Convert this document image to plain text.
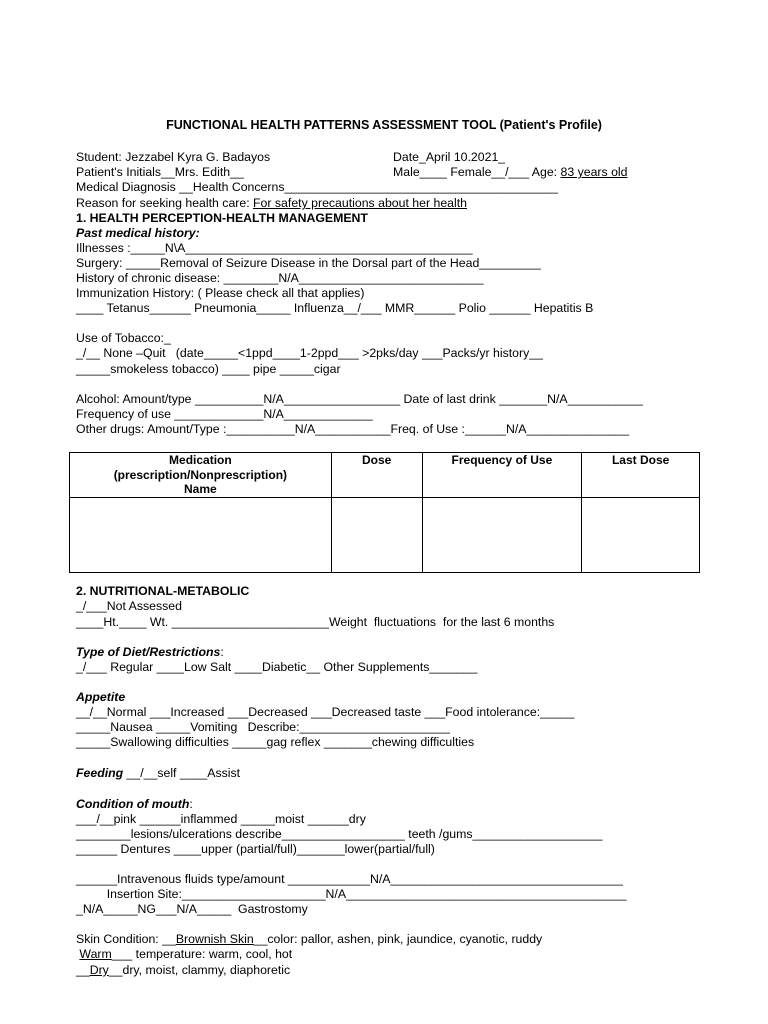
FUNCTIONAL HEALTH PATTERNS ASSESSMENT TOOL (Patient's Profile)
Student: Jezzabel Kyra G. Badayos	Date_April 10.2021_
Patient's Initials__Mrs. Edith__	Male____ Female__/___ Age: 83 years old
Medical Diagnosis __Health Concerns________________________________________
Reason for seeking health care: For safety precautions about her health
1. HEALTH PERCEPTION-HEALTH MANAGEMENT
Past medical history:
Illnesses :_____N\A__________________________________________
Surgery: _____Removal of Seizure Disease in the Dorsal part of the Head_________
History of chronic disease: ________N/A___________________________
Immunization History: ( Please check all that applies)
____ Tetanus______ Pneumonia_____ Influenza__/___ MMR______ Polio ______ Hepatitis B
Use of Tobacco:_
_/__ None –Quit   (date_____<1ppd____1-2ppd___ >2pks/day ___Packs/yr history__
_____smokeless tobacco) ____ pipe _____cigar
Alcohol: Amount/type __________N/A_________________ Date of last drink _______N/A___________
Frequency of use _____________N/A_____________
Other drugs: Amount/Type :__________N/A___________Freq. of Use :______N/A_______________
Medication
(prescription/Nonprescription)
Name	Dose	Frequency of Use	Last Dose

2. NUTRITIONAL-METABOLIC
_/___Not Assessed
____Ht.____ Wt. _______________________Weight  fluctuations  for the last 6 months
Type of Diet/Restrictions:
_/___ Regular ____Low Salt ____Diabetic__ Other Supplements_______
Appetite
__/__Normal ___Increased ___Decreased ___Decreased taste ___Food intolerance:_____
_____Nausea _____Vomiting   Describe:______________________
_____Swallowing difficulties _____gag reflex _______chewing difficulties
Feeding __/__self ____Assist
Condition of mouth:
___/__pink ______inflammed _____moist ______dry
________lesions/ulcerations describe__________________ teeth /gums___________________
______ Dentures ____upper (partial/full)_______lower(partial/full)
______Intravenous fluids type/amount ____________N/A__________________________________
Insertion Site:_____________________N/A_________________________________________
_N/A_____NG___N/A_____  Gastrostomy
Skin Condition: __Brownish Skin__color: pallor, ashen, pink, jaundice, cyanotic, ruddy
Warm___ temperature: warm, cool, hot
__Dry__dry, moist, clammy, diaphoretic
